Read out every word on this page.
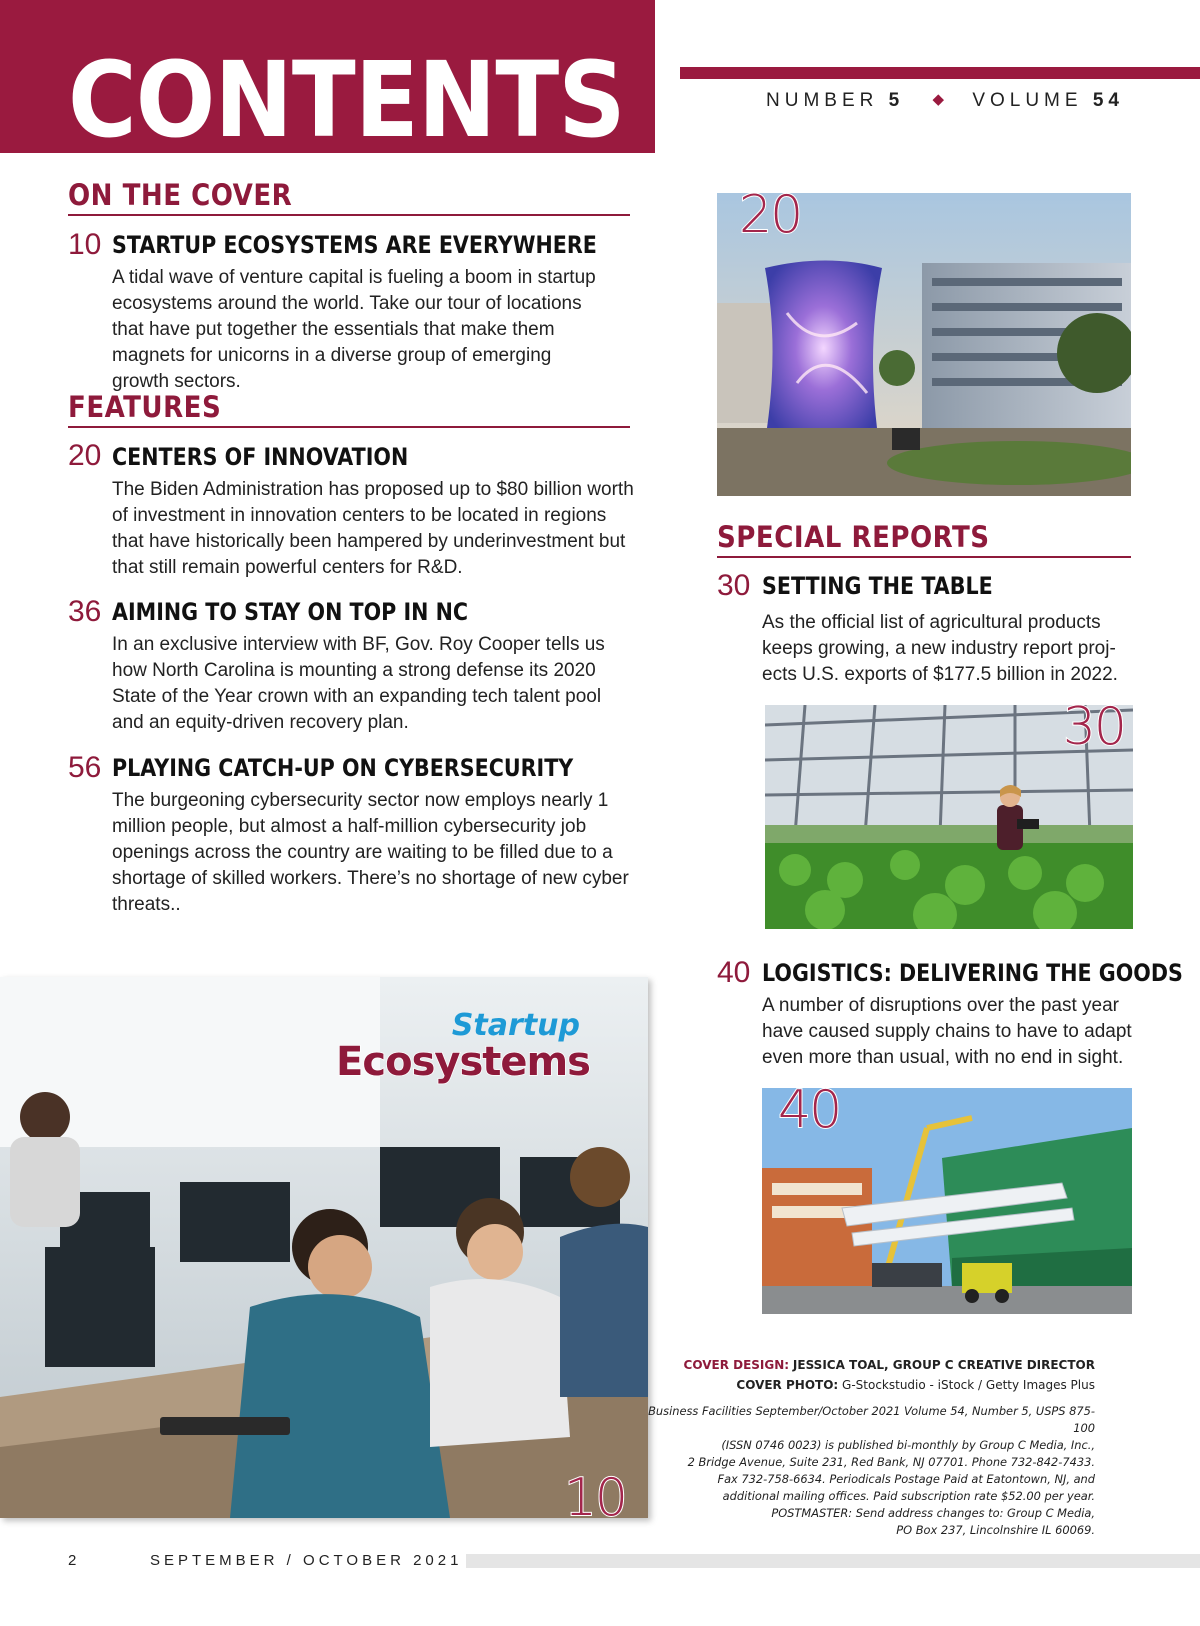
CONTENTS	NUMBER 5 ◆ VOLUME 54
ON THE COVER
10 STARTUP ECOSYSTEMS ARE EVERYWHERE
A tidal wave of venture capital is fueling a boom in startup ecosystems around the world. Take our tour of locations that have put together the essentials that make them magnets for unicorns in a diverse group of emerging growth sectors.
FEATURES
20 CENTERS OF INNOVATION
The Biden Administration has proposed up to $80 billion worth of investment in innovation centers to be located in regions that have historically been hampered by underinvestment but that still remain powerful centers for R&D.
36 AIMING TO STAY ON TOP IN NC
In an exclusive interview with BF, Gov. Roy Cooper tells us how North Carolina is mounting a strong defense its 2020 State of the Year crown with an expanding tech talent pool and an equity-driven recovery plan.
56 PLAYING CATCH-UP ON CYBERSECURITY
The burgeoning cybersecurity sector now employs nearly 1 million people, but almost a half-million cybersecurity job openings across the country are waiting to be filled due to a shortage of skilled workers. There’s no shortage of new cyber threats..
20
SPECIAL REPORTS
30 SETTING THE TABLE
As the official list of agricultural products keeps growing, a new industry report proj-ects U.S. exports of $177.5 billion in 2022.
30
40 LOGISTICS: DELIVERING THE GOODS
A number of disruptions over the past year have caused supply chains to have to adapt even more than usual, with no end in sight.
40
Startup
Ecosystems
10
COVER DESIGN: JESSICA TOAL, GROUP C CREATIVE DIRECTOR
COVER PHOTO: G-Stockstudio - iStock / Getty Images Plus
Business Facilities September/October 2021 Volume 54, Number 5, USPS 875-100
(ISSN 0746 0023) is published bi-monthly by Group C Media, Inc.,
2 Bridge Avenue, Suite 231, Red Bank, NJ 07701. Phone 732-842-7433.
Fax 732-758-6634. Periodicals Postage Paid at Eatontown, NJ, and
additional mailing offices. Paid subscription rate $52.00 per year.
POSTMASTER: Send address changes to: Group C Media,
PO Box 237, Lincolnshire IL 60069.
2	SEPTEMBER / OCTOBER 2021
